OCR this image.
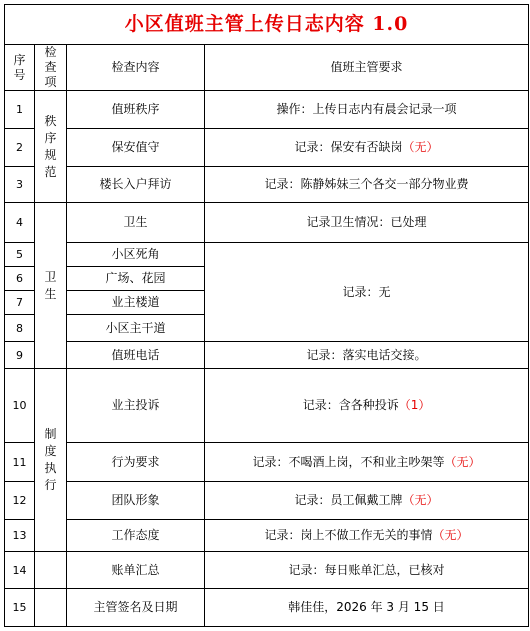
小区值班主管上传日志内容 1.0			
序号	检查项	检查内容	值班主管要求
1	秩序规范	值班秩序	操作：上传日志内有晨会记录一项
2		保安值守	记录：保安有否缺岗（无）
3		楼长入户拜访	记录：陈静姊妹三个各交一部分物业费
4	卫生	卫生	记录卫生情况：已处理
5		小区死角	记录：无
6		广场、花园	
7		业主楼道	
8		小区主干道	
9		值班电话	记录：落实电话交接。
10	制度执行	业主投诉	记录：含各种投诉（1）
11		行为要求	记录：不喝酒上岗，不和业主吵架等（无）
12		团队形象	记录：员工佩戴工牌（无）
13		工作态度	记录：岗上不做工作无关的事情（无）
14		账单汇总	记录：每日账单汇总，已核对
15		主管签名及日期	韩佳佳，2026 年 3 月 15 日
